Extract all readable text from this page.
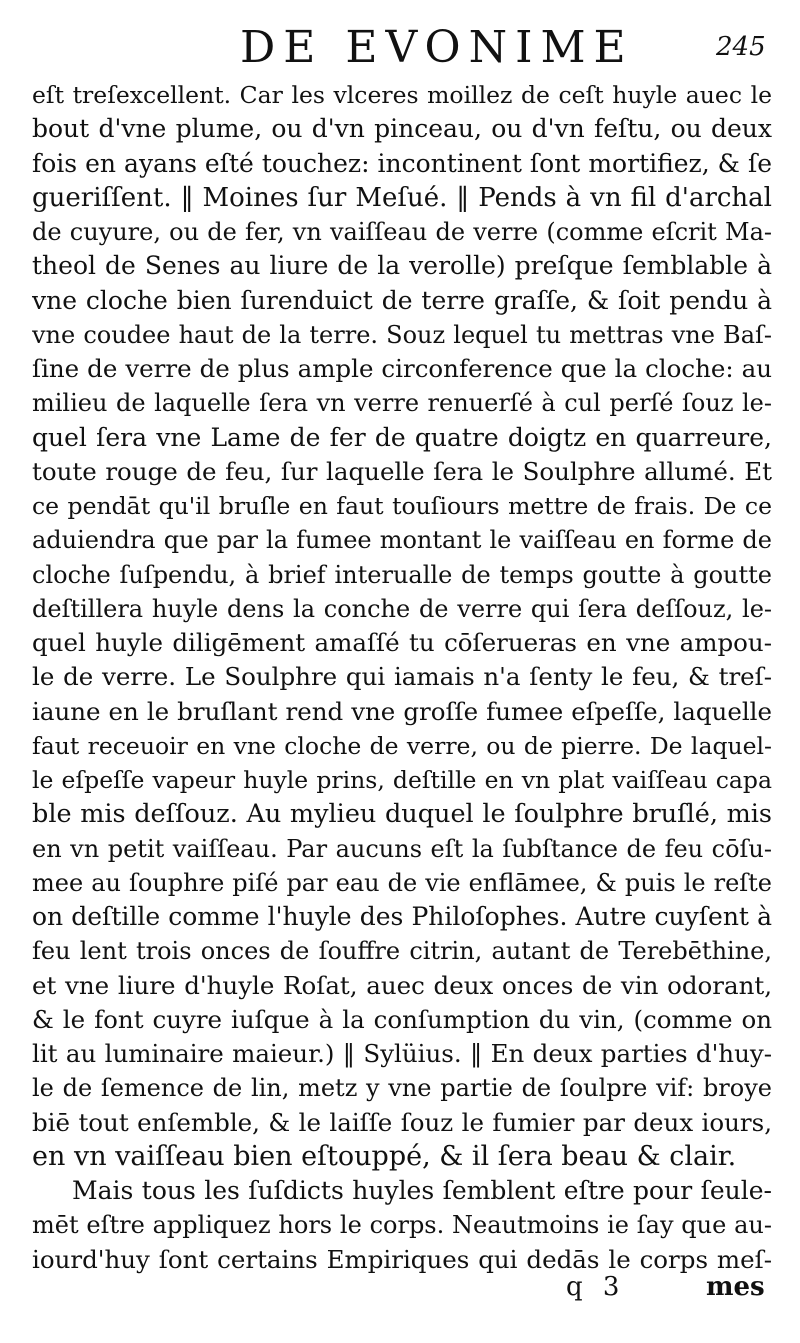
DE EVONIME	245
eſt treſexcellent. Car les vlceres moillez de ceſt huyle auec le
bout d'vne plume, ou d'vn pinceau, ou d'vn feſtu, ou deux
fois en ayans eſté touchez: incontinent ſont mortifiez, & ſe
gueriſſent. ‖ Moines ſur Meſué. ‖ Pends à vn fil d'archal
de cuyure, ou de fer, vn vaiſſeau de verre (comme eſcrit Ma-
theol de Senes au liure de la verolle) preſque ſemblable à
vne cloche bien ſurenduict de terre graſſe, & ſoit pendu à
vne coudee haut de la terre. Souz lequel tu mettras vne Baſ-
ſine de verre de plus ample circonference que la cloche: au
milieu de laquelle ſera vn verre renuerſé à cul perſé ſouz le-
quel ſera vne Lame de fer de quatre doigtz en quarreure,
toute rouge de feu, ſur laquelle ſera le Soulphre allumé. Et
ce pendāt qu'il bruſle en faut touſiours mettre de frais. De ce
aduiendra que par la fumee montant le vaiſſeau en forme de
cloche ſuſpendu, à brief interualle de temps goutte à goutte
deſtillera huyle dens la conche de verre qui ſera deſſouz, le-
quel huyle diligēment amaſſé tu cōſerueras en vne ampou-
le de verre. Le Soulphre qui iamais n'a ſenty le feu, & treſ-
iaune en le bruſlant rend vne groſſe fumee eſpeſſe, laquelle
faut receuoir en vne cloche de verre, ou de pierre. De laquel-
le eſpeſſe vapeur huyle prins, deſtille en vn plat vaiſſeau capa
ble mis deſſouz. Au mylieu duquel le ſoulphre bruſlé, mis
en vn petit vaiſſeau. Par aucuns eſt la ſubſtance de feu cōſu-
mee au ſouphre piſé par eau de vie enflāmee, & puis le reſte
on deſtille comme l'huyle des Philoſophes. Autre cuyſent à
feu lent trois onces de ſouffre citrin, autant de Terebēthine,
et vne liure d'huyle Roſat, auec deux onces de vin odorant,
& le font cuyre iuſque à la conſumption du vin, (comme on
lit au luminaire maieur.) ‖ Sylüius. ‖ En deux parties d'huy-
le de ſemence de lin, metz y vne partie de ſoulpre vif: broye
biē tout enſemble, & le laiſſe ſouz le fumier par deux iours,
en vn vaiſſeau bien eſtouppé, & il ſera beau & clair.
Mais tous les ſuſdicts huyles ſemblent eſtre pour ſeule-
mēt eſtre appliquez hors le corps. Neautmoins ie ſay que au-
iourd'huy ſont certains Empiriques qui dedās le corps meſ-
q 3	mes
